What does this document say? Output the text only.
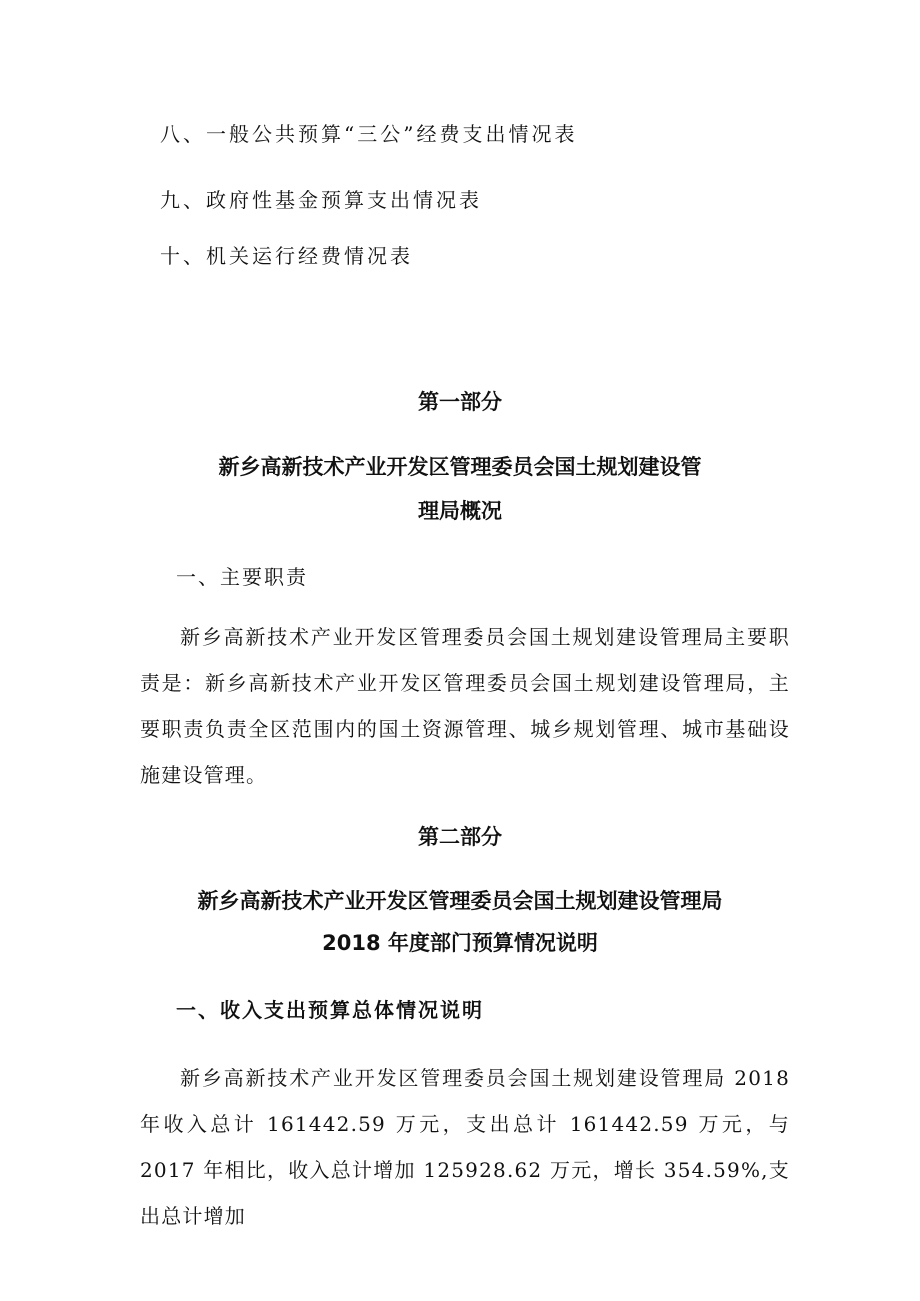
八、一般公共预算“三公”经费支出情况表
九、政府性基金预算支出情况表
十、机关运行经费情况表
第一部分
新乡高新技术产业开发区管理委员会国土规划建设管
理局概况
一、主要职责
新乡高新技术产业开发区管理委员会国土规划建设管理局主要职责是：新乡高新技术产业开发区管理委员会国土规划建设管理局，主要职责负责全区范围内的国土资源管理、城乡规划管理、城市基础设施建设管理。
第二部分
新乡高新技术产业开发区管理委员会国土规划建设管理局
2018 年度部门预算情况说明
一、收入支出预算总体情况说明
新乡高新技术产业开发区管理委员会国土规划建设管理局 2018 年收入总计 161442.59 万元，支出总计 161442.59 万元，与 2017 年相比，收入总计增加 125928.62 万元，增长 354.59%,支出总计增加
